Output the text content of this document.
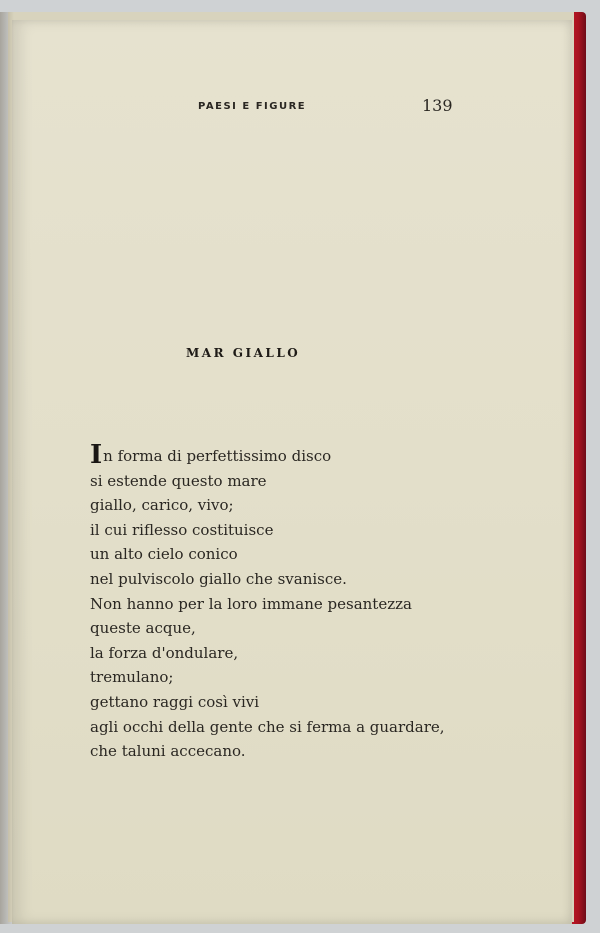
PAESI E FIGURE	139
MAR GIALLO
In forma di perfettissimo disco
si estende questo mare
giallo, carico, vivo;
il cui riflesso costituisce
un alto cielo conico
nel pulviscolo giallo che svanisce.
Non hanno per la loro immane pesantezza
queste acque,
la forza d'ondulare,
tremulano;
gettano raggi così vivi
agli occhi della gente che si ferma a guardare,
che taluni accecano.
